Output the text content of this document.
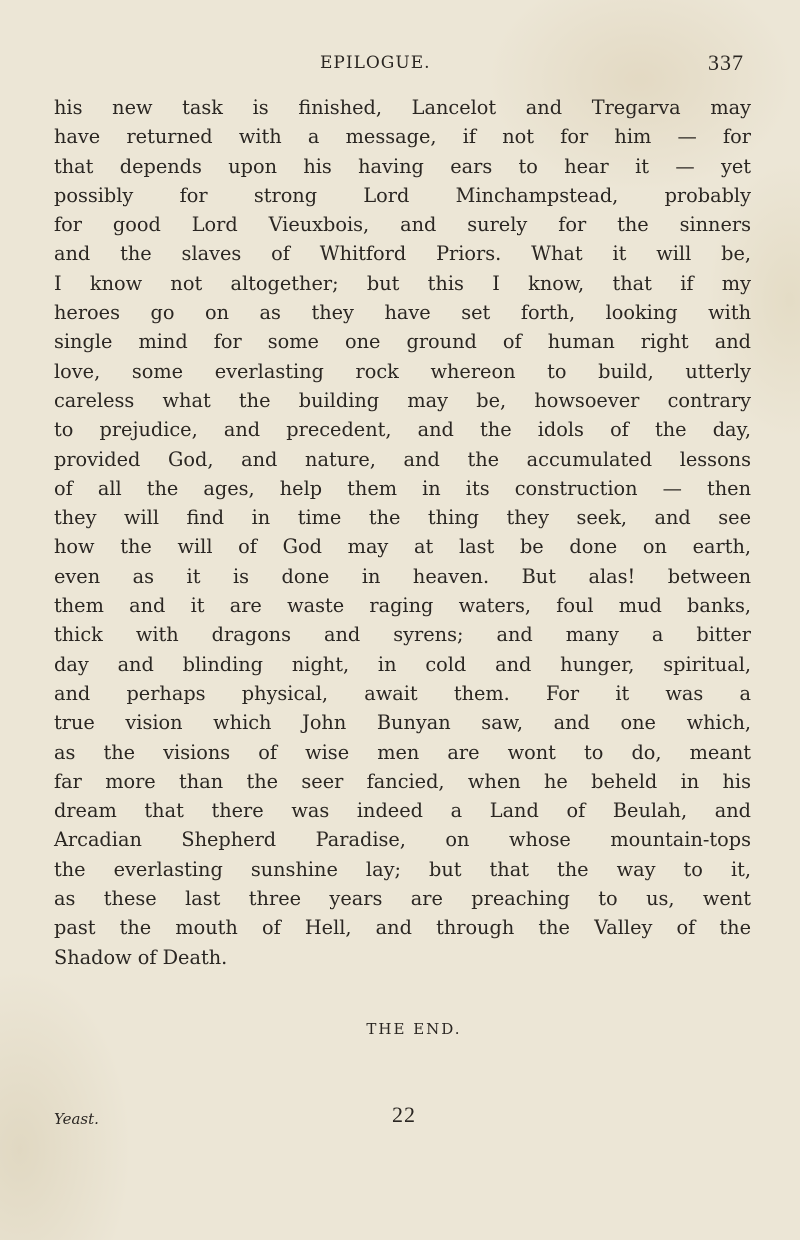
EPILOGUE.	337
his new task is finished, Lancelot and Tregarva may
have returned with a message, if not for him — for
that depends upon his having ears to hear it — yet
possibly for strong Lord Minchampstead, probably
for good Lord Vieuxbois, and surely for the sinners
and the slaves of Whitford Priors. What it will be,
I know not altogether; but this I know, that if my
heroes go on as they have set forth, looking with
single mind for some one ground of human right and
love, some everlasting rock whereon to build, utterly
careless what the building may be, howsoever contrary
to prejudice, and precedent, and the idols of the day,
provided God, and nature, and the accumulated lessons
of all the ages, help them in its construction — then
they will find in time the thing they seek, and see
how the will of God may at last be done on earth,
even as it is done in heaven. But alas! between
them and it are waste raging waters, foul mud banks,
thick with dragons and syrens; and many a bitter
day and blinding night, in cold and hunger, spiritual,
and perhaps physical, await them. For it was a
true vision which John Bunyan saw, and one which,
as the visions of wise men are wont to do, meant
far more than the seer fancied, when he beheld in his
dream that there was indeed a Land of Beulah, and
Arcadian Shepherd Paradise, on whose mountain-tops
the everlasting sunshine lay; but that the way to it,
as these last three years are preaching to us, went
past the mouth of Hell, and through the Valley of the
Shadow of Death.
THE END.
Yeast.	22
